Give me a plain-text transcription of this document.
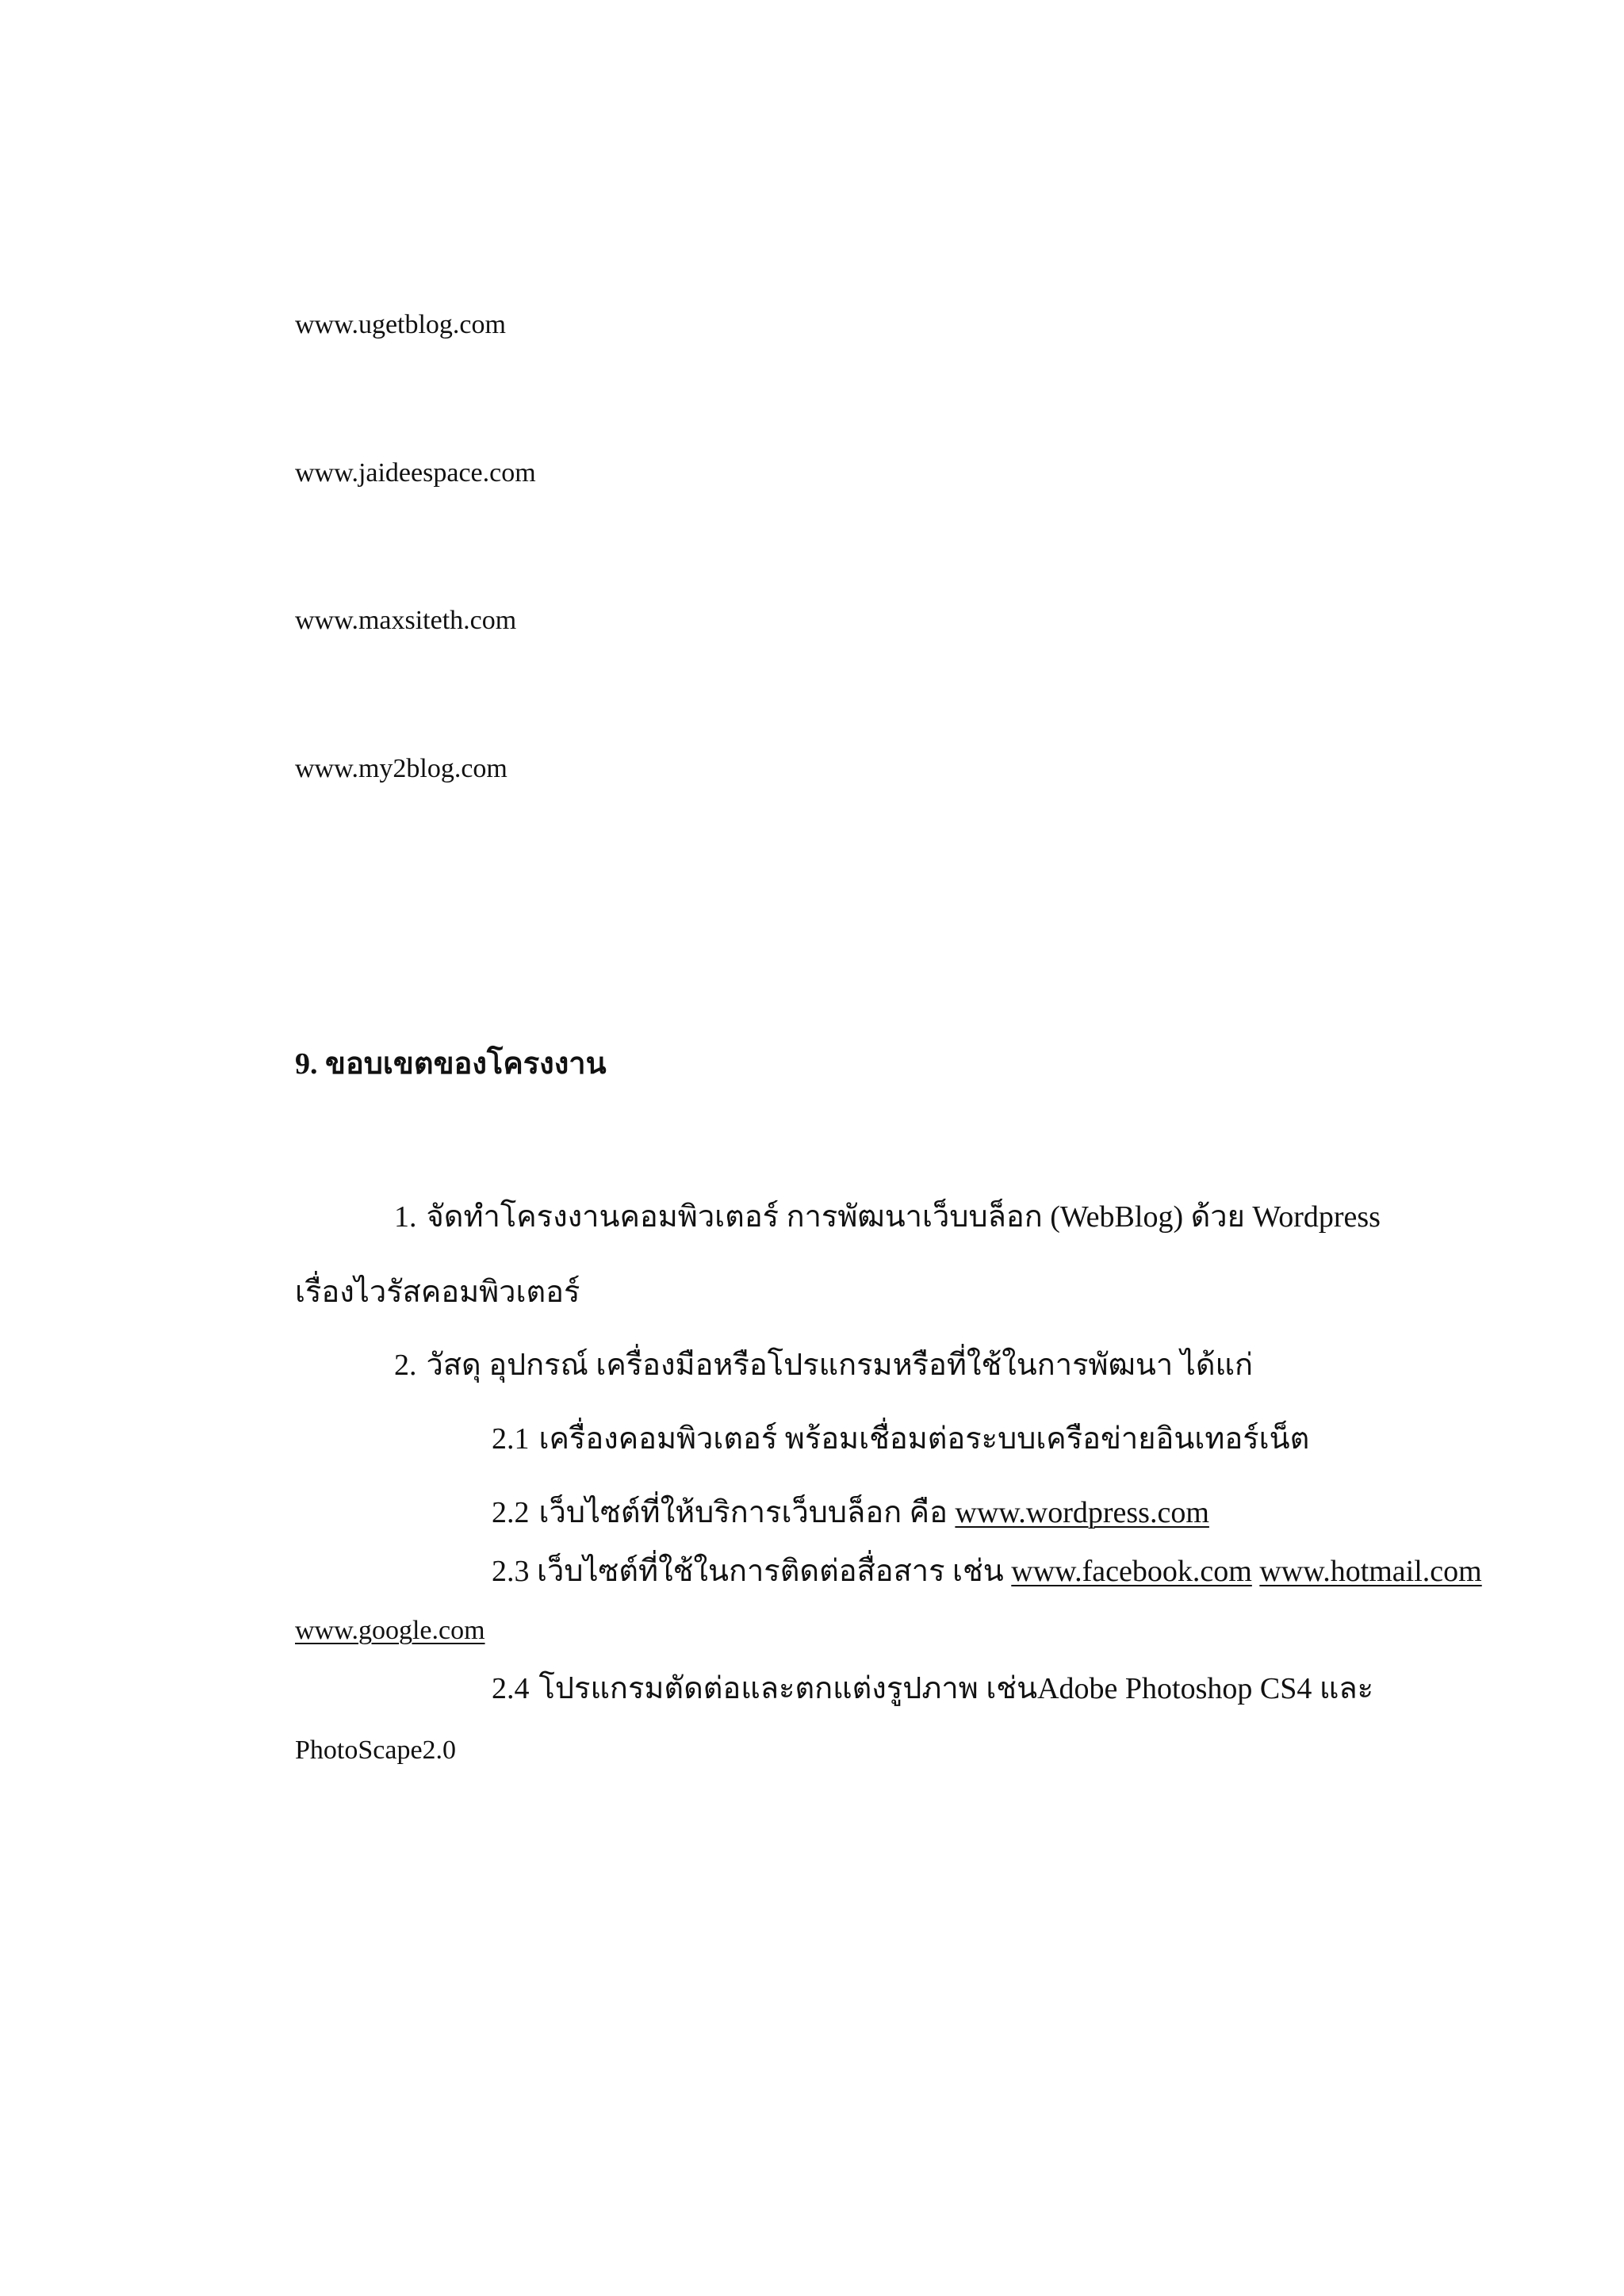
www.ugetblog.com
www.jaideespace.com
www.maxsiteth.com
www.my2blog.com
9. ขอบเขตของโครงงาน
1. จัดทำโครงงานคอมพิวเตอร์ การพัฒนาเว็บบล็อก (WebBlog) ด้วย Wordpress
เรื่องไวรัสคอมพิวเตอร์
2. วัสดุ อุปกรณ์ เครื่องมือหรือโปรแกรมหรือที่ใช้ในการพัฒนา ได้แก่
2.1 เครื่องคอมพิวเตอร์ พร้อมเชื่อมต่อระบบเครือข่ายอินเทอร์เน็ต
2.2 เว็บไซต์ที่ให้บริการเว็บบล็อก คือ www.wordpress.com
2.3 เว็บไซต์ที่ใช้ในการติดต่อสื่อสาร เช่น www.facebook.com www.hotmail.com
www.google.com
2.4 โปรแกรมตัดต่อและตกแต่งรูปภาพ เช่นAdobe Photoshop CS4 และ
PhotoScape2.0
